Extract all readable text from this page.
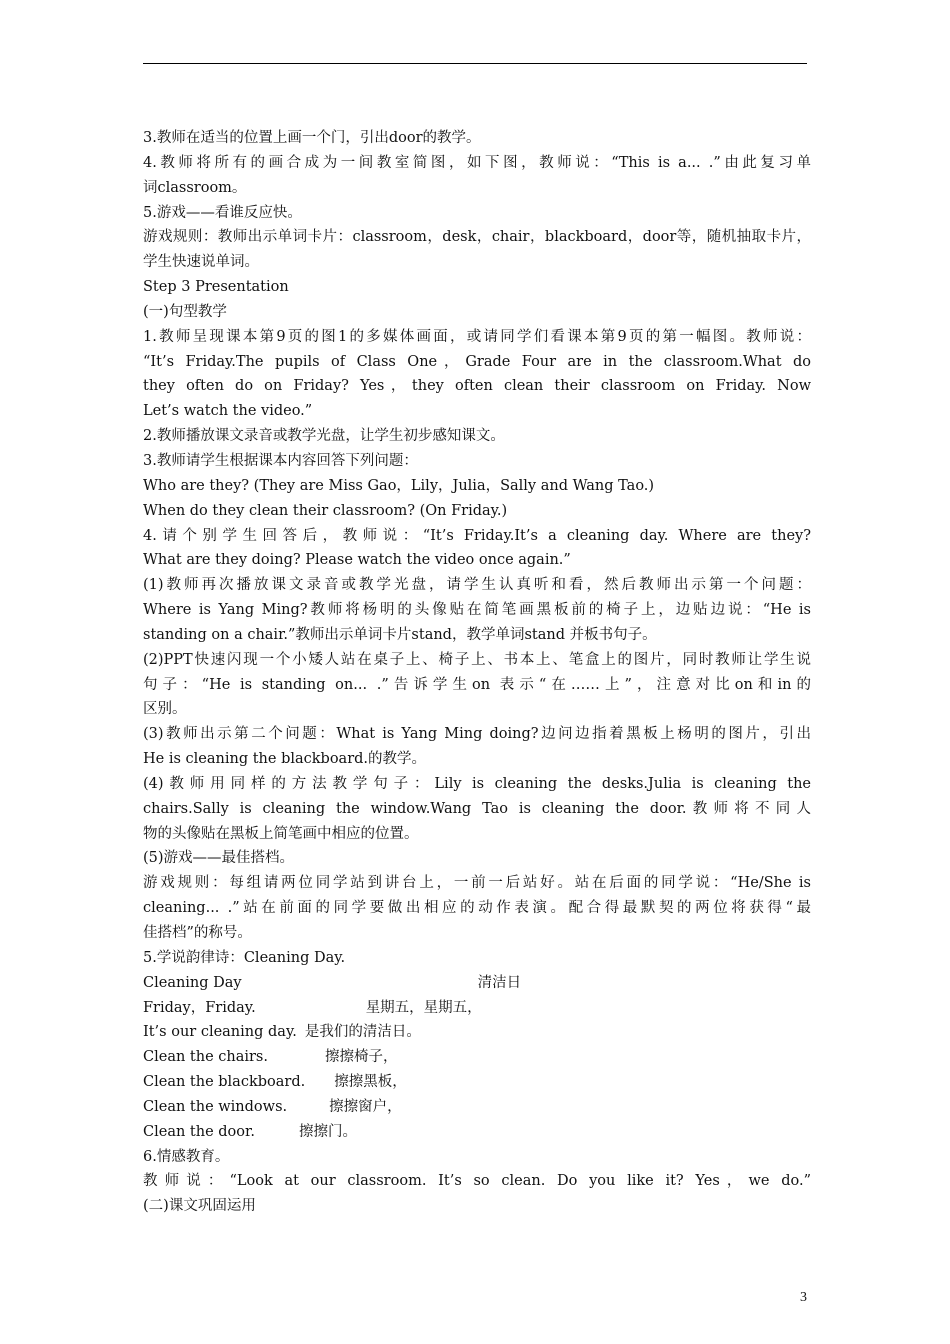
3.教师在适当的位置上画一个门，引出door的教学。
4.教师将所有的画合成为一间教室简图，如下图，教师说：“This is a... .”由此复习单
词classroom。
5.游戏——看谁反应快。
游戏规则：教师出示单词卡片：classroom，desk，chair，blackboard，door等，随机抽取卡片，
学生快速说单词。
Step 3 Presentation
(一)句型教学
1.教师呈现课本第9页的图1的多媒体画面，或请同学们看课本第9页的第一幅图。教师说：
“It’s Friday.The pupils of Class One，Grade Four are in the classroom.What do
they often do on Friday? Yes，they often clean their classroom on Friday. Now
Let’s watch the video.”
2.教师播放课文录音或教学光盘，让学生初步感知课文。
3.教师请学生根据课本内容回答下列问题：
Who are they? (They are Miss Gao，Lily，Julia，Sally and Wang Tao.)
When do they clean their classroom? (On Friday.)
4.请个别学生回答后，教师说：“It’s Friday.It’s a cleaning day. Where are they?
What are they doing? Please watch the video once again.”
(1)教师再次播放课文录音或教学光盘，请学生认真听和看，然后教师出示第一个问题：
Where is Yang Ming?教师将杨明的头像贴在简笔画黑板前的椅子上，边贴边说：“He is
standing on a chair.”教师出示单词卡片stand，教学单词stand 并板书句子。
(2)PPT快速闪现一个小矮人站在桌子上、椅子上、书本上、笔盒上的图片，同时教师让学生说
句子：“He is standing on... .”告诉学生on 表示“在……上”，注意对比on和in的
区别。
(3)教师出示第二个问题：What is Yang Ming doing?边问边指着黑板上杨明的图片，引出
He is cleaning the blackboard.的教学。
(4)教师用同样的方法教学句子：Lily is cleaning the desks.Julia is cleaning the
chairs.Sally is cleaning the window.Wang Tao is cleaning the door.教师将不同人
物的头像贴在黑板上简笔画中相应的位置。
(5)游戏——最佳搭档。
游戏规则：每组请两位同学站到讲台上，一前一后站好。站在后面的同学说：“He/She is
cleaning... .”站在前面的同学要做出相应的动作表演。配合得最默契的两位将获得“最
佳搭档”的称号。
5.学说韵律诗：Cleaning Day.
Cleaning Day	清洁日
Friday，Friday.	星期五，星期五，
It’s our cleaning day. 是我们的清洁日。
Clean the chairs.	擦擦椅子，
Clean the blackboard. 擦擦黑板，
Clean the windows.	擦擦窗户，
Clean the door.	擦擦门。
6.情感教育。
教师说：“Look at our classroom. It’s so clean. Do you like it? Yes，we do.”
(二)课文巩固运用
3
